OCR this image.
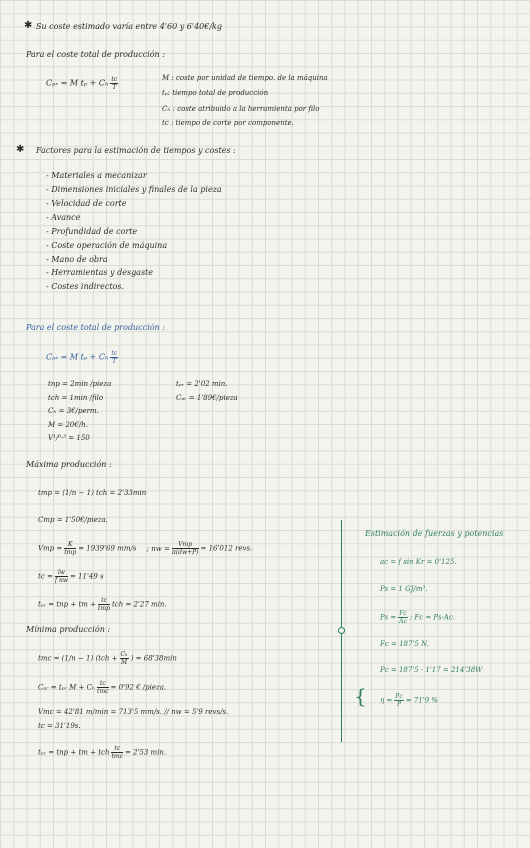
✱ Su coste estimado varía entre 4'60 y 6'40€/kg
Para el coste total de producción :
Cₚᵣ = M tₚ + Cₕ $\frac{tc}{T}$	M : coste por unidad de tiempo. de la máquina
tₚ: tiempo total de producción
Cₕ : coste atribuido a la herramienta por filo
tc : tiempo de corte por componente.
✱ Factores para la estimación de tiempos y costes :
- Materiales a mecanizar
- Dimensiones iniciales y finales de la pieza
- Velocidad de corte
- Avance
- Profundidad de corte
- Coste operación de máquina
- Mano de obra
- Herramientas y desgaste
- Costes indirectos.
Para el coste total de producción :
Cₚᵣ = M tₚ + Cₕ $\frac{tc}{T}$
tnp = 2min /pieza
tch = 1min /filo
Cₕ = 3€/perm.
M = 20€/h.
V¹/⁰·³ = 150
tₚᵣ = 2'02 min.
Cₚᵣ = 1'89€/pieza
Máxima producción :
tmp = (1/n − 1) tch = 2'33min
Cmp = 1'50€/pieza.
Vmp = $\frac{K}{\text{tmp}} = 1939'69$ mm/s ; nw = $\frac{\text{Vmp}}{\pi(dw+P)} = 16'012$ revs.
tc = $\frac{lw}{\text{f nw}} = 11'49$ s
tₚᵣ = tnp + tm + $\frac{tc}{\text{tmp}}$ tch = 2'27 min.
Mínima producción :
tmc = (1/n − 1) ($tch + \frac{\text{Cₕ}}{M}$ ) = 68'38min
Cₚᵣ = tₚᵣ M + Cₕ $\frac{tc}{\text{tmc}} = 0'92$ € /pieza.
Vmc = 42'81 m/min = 713'5 mm/s. // nw = 5'9 revs/s.
tc = 31'19s.
tₚᵣ = tnp + tm + tch $\frac{tc}{\text{tmc}} = 2'53$ min.
Estimación de fuerzas y potencias
ac = f sin Kr = 0'125.
Ps = 1 GJ/m³.
$Ps = \frac{Fc}{Ac}$ ; Fc = Ps·Ac.
Fc = 187'5 N.
Pc = 187'5 · 1'17 = 214'38W
$\eta = \frac{Pc}{P} = 71'9$ %
{
